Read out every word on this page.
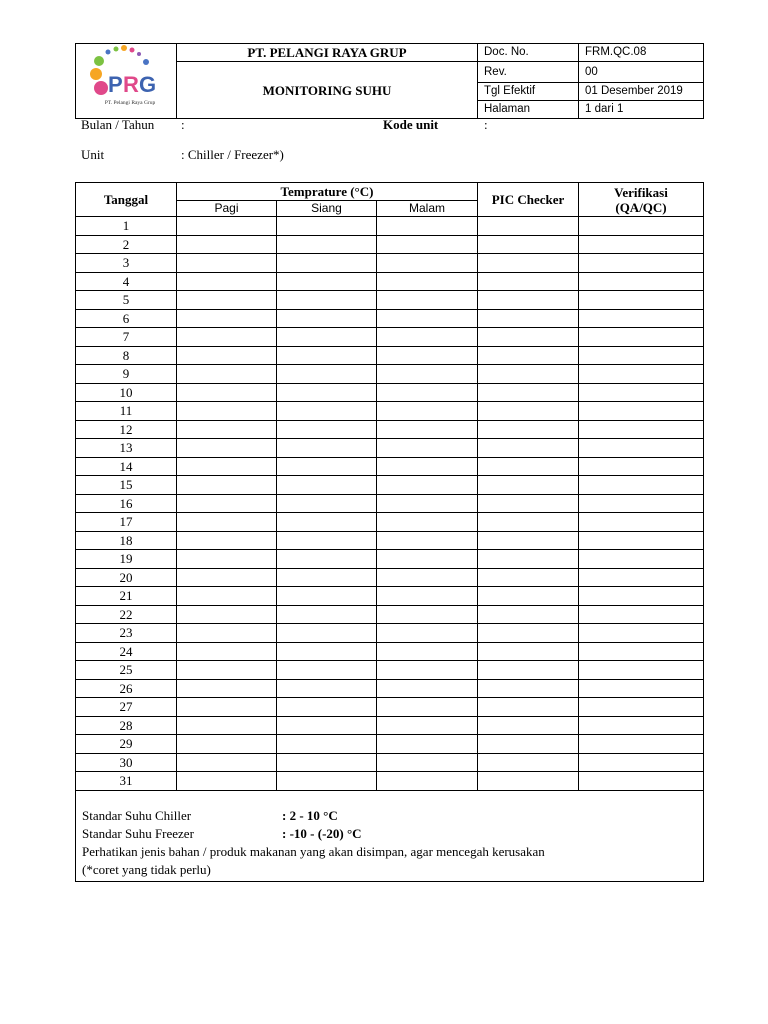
P R G
PT. Pelangi Raya Grup	PT. PELANGI RAYA GRUP	Doc. No.	FRM.QC.08
	MONITORING SUHU	Rev.	00
		Tgl Efektif	01 Desember 2019
		Halaman	1 dari 1
Bulan / Tahun :	Kode unit	:
Unit	: Chiller / Freezer*)
Tanggal	Temprature (°C)			PIC Checker	Verifikasi (QA/QC)
	Pagi	Siang	Malam		
1					
2					
3					
4					
5					
6					
7					
8					
9					
10					
11					
12					
13					
14					
15					
16					
17					
18					
19					
20					
21					
22					
23					
24					
25					
26					
27					
28					
29					
30					
31					

Standar Suhu Chiller : 2 - 10 °C
Standar Suhu Freezer : -10 - (-20) °C
Perhatikan jenis bahan / produk makanan yang akan disimpan, agar mencegah kerusakan
(*coret yang tidak perlu)					
